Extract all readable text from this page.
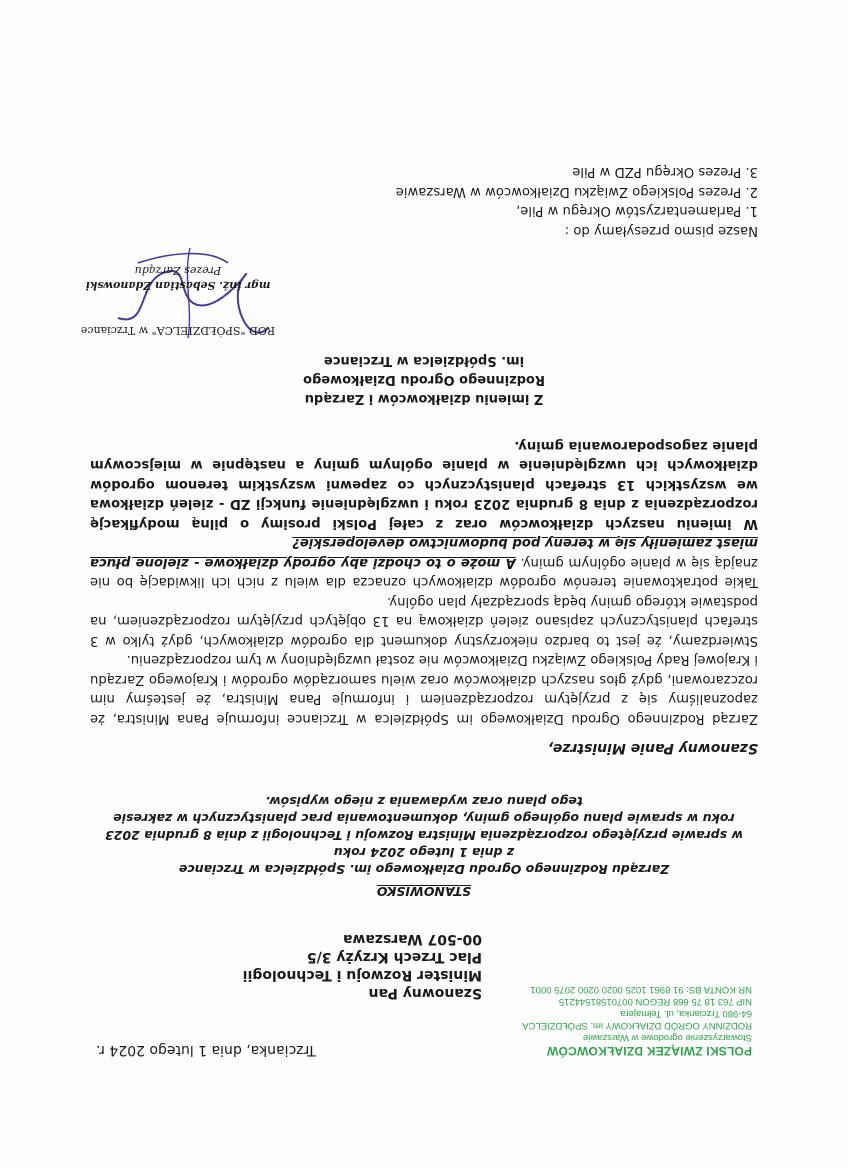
POLSKI ZWIĄZEK DZIAŁKOWCÓW
Stowarzyszenie ogrodowe w Warszawie
RODZINNY OGRÓD DZIAŁKOWY im. SPÓŁDZIELCA
64-980 Trzcianka, ul. Tełmajera
NIP 763 18 75 668 REGON 00701581544215
NR KONTA BS: 91 8961 1025 0020 0200 2075 0001
Trzcianka, dnia 1 lutego 2024 r.
Szanowny Pan
Minister Rozwoju i Technologii
Plac Trzech Krzyży 3/5
00-507 Warszawa
STANOWISKO
Zarządu Rodzinnego Ogrodu Działkowego im. Spółdzielca w Trzciance
z dnia 1 lutego 2024 roku
w sprawie przyjętego rozporządzenia Ministra Rozwoju i Technologii z dnia 8 grudnia 2023
roku w sprawie planu ogólnego gminy, dokumentowania prac planistycznych w zakresie
tego planu oraz wydawania z niego wypisów.
Szanowny Panie Ministrze,

Zarząd Rodzinnego Ogrodu Działkowego im Spółdzielca w Trzciance informuje Pana Ministra, że zapoznaliśmy się z przyjętym rozporządzeniem i informuje Pana Ministra, że jesteśmy nim rozczarowani, gdyż głos naszych działkowców oraz wielu samorządów ogrodów i Krajowego Zarządu i Krajowej Rady Polskiego Związku Działkowców nie został uwzględniony w tym rozporządzeniu.

Stwierdzamy, że jest to bardzo niekorzystny dokument dla ogrodów działkowych, gdyż tylko w 3 strefach planistycznych zapisano zieleń działkową na 13 objętych przyjętym rozporządzeniem, na podstawie którego gminy będą sporządzały plan ogólny.

Takie potraktowanie terenów ogrodów działkowych oznacza dla wielu z nich ich likwidację bo nie znajdą się w planie ogólnym gminy. A może o to chodzi aby ogrody działkowe - zielone płuca miast zamieniły się w tereny pod budownictwo developerskie?

W imieniu naszych działkowców oraz z całej Polski prosimy o pilną modyfikację rozporządzenia z dnia 8 grudnia 2023 roku i uwzględnienie funkcji ZD - zieleń działkowa we wszystkich 13 strefach planistycznych co zapewni wszystkim terenom ogrodów działkowych ich uwzględnienie w planie ogólnym gminy a następnie w miejscowym planie zagospodarowania gminy.

Z imieniu działkowców i Zarządu
Rodzinnego Ogrodu Działkowego
im. Spółdzielca w Trzciance
ROD "SPÓŁDZIELCA" w Trzciance
mgr inż. Sebastian Żdanowski
Prezes Zarządu
Nasze pismo przesyłamy do :
1. Parlamentarzystów Okręgu w Pile,
2. Prezes Polskiego Związku Działkowców w Warszawie
3. Prezes Okręgu PZD w Pile
